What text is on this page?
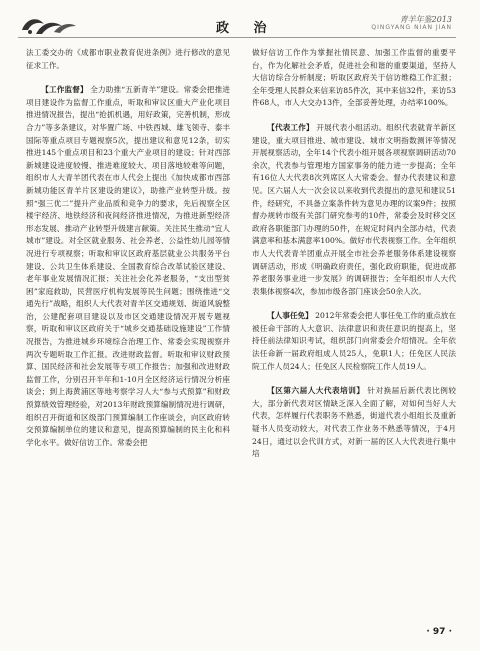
政 治
青羊年鉴2013
QINGYANG NIAN JIAN

法工委交办的《成都市职业教育促进条例》进行修改的意见征求工作。

【工作监督】 全力助推“五新青羊”建设。常委会把推进项目建设作为监督工作重点，听取和审议区重大产业化项目推进情况报告，提出“抢抓机遇，用好政策，完善机制，形成合力”等多条建议，对华置广场、中铁西城、雄飞领寺、泰丰国际等重点项目专题视察5次，提出建议和意见12条，切实推进145个重点项目和23个重大产业项目的建设；针对西部新城建设进度较慢、推进难度较大、项目落地较难等问题，组织市人大青羊团代表在市人代会上提出《加快成都市西部新城功能区青羊片区建设的建议》，助推产业转型升级。按照“强三优二”提升产业品质和竞争力的要求，先后视察全区楼宇经济、地铁经济和夜间经济推进情况，为推进新型经济形态发展、推动产业转型升级建言献策。关注民生推动“宜人城市”建设。对全区就业服务、社会养老、公益性幼儿园等情况进行专项视察；听取和审议区政府基层就业公共服务平台建设、公共卫生体系建设、全国教育综合改革试验区建设、老年事业发展情况汇报；关注社会化养老服务，“支出型贫困”家庭救助，民营医疗机构发展等民生问题；围绕推进“交通先行”战略，组织人大代表对青羊区交通规划、街道风貌整治，公建配套项目建设以及市区交通建设情况开展专题视察，听取和审议区政府关于“城乡交通基础设施建设”工作情况报告，为推进城乡环境综合治理工作、常委会实现视察并两次专题听取工作汇报。改进财政监督。听取和审议财政预算、国民经济和社会发展等专项工作报告；加强和改进财政监督工作，分别召开半年和1-10月全区经济运行情况分析座谈会；到上海黄浦区等地考察学习人大“参与式预算”和财政预算绩效管理经验，对2013年财政预算编制情况进行调研，组织召开街道和区级部门预算编制工作座谈会，向区政府转交预算编制单位的建议和意见，提高预算编制的民主化和科学化水平。做好信访工作。常委会把

做好信访工作作为掌握社情民意、加强工作监督的重要平台，作为化解社会矛盾，促进社会和谐的重要渠道，坚持人大信访综合分析制度；听取区政府关于信访维稳工作汇报；全年受理人民群众来信来访85件次，其中来信32件，来访53件68人，市人大交办13件，全部妥善处理，办结率100%。

【代表工作】 开展代表小组活动。组织代表就青羊新区建设，重大项目推进、城市建设、城市文明指数测评等情况开展视察活动，全年14个代表小组开展各项视察调研活动70余次，代表参与管理地方国家事务的能力进一步提高；全年有16位人大代表8次列席区人大常委会。督办代表建议和意见。区六届人大一次会议以来收到代表提出的意见和建议51件，经研究，不具备立案条件转为意见办理的议案9件；按照督办规转市级有关部门研究参考的10件，常委会及时移交区政府各职能部门办理的50件，在规定时间内全部办结，代表满意率和基本满意率100%。做好市代表视察工作。全年组织市人大代表青羊团重点开展全市社会养老服务体系建设视察调研活动，形成《明确政府责任，强化政府职能，促进成都养老服务事业进一步发展》的调研报告；全年组织市人大代表集体视察4次，参加市级各部门座谈会50余人次。

【人事任免】 2012年常委会把人事任免工作的重点放在被任命干部的人大意识、法律意识和责任意识的提高上，坚持任前法律知识考试，组织部门向常委会介绍情况。全年依法任命新一届政府组成人员25人，免职1人；任免区人民法院工作人员24人；任免区人民检察院工作人员19人。

【区第六届人大代表培训】 针对换届后新代表比例较大，部分新代表对区情缺乏深入全面了解，对如何当好人大代表，怎样履行代表职务不熟悉，街道代表小组组长及重新疑书人员变动较大，对代表工作业务不熟悉等情况，于4月24日，通过以会代训方式，对新一届的区人大代表进行集中培

· 97 ·
